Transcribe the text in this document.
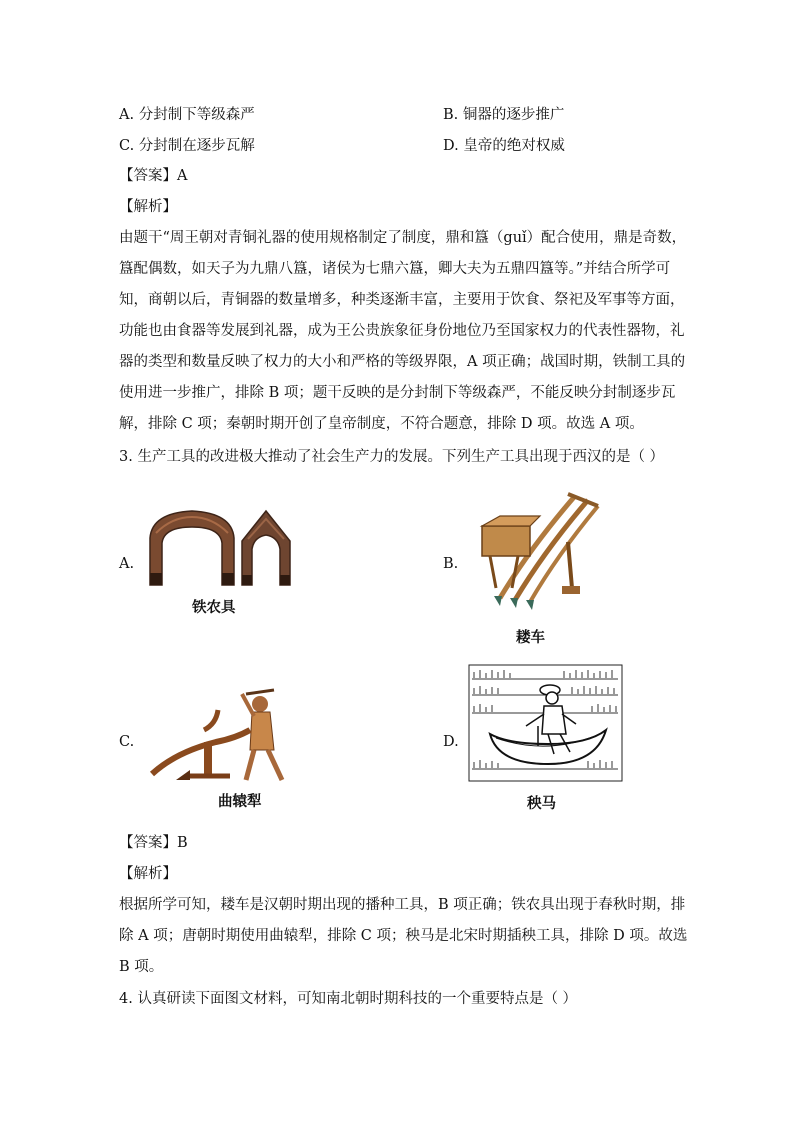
A. 分封制下等级森严	B. 铜器的逐步推广
C. 分封制在逐步瓦解	D. 皇帝的绝对权威
【答案】A
【解析】
由题干“周王朝对青铜礼器的使用规格制定了制度，鼎和簋（guǐ）配合使用，鼎是奇数，
簋配偶数，如天子为九鼎八簋，诸侯为七鼎六簋，卿大夫为五鼎四簋等。”并结合所学可
知，商朝以后，青铜器的数量增多，种类逐渐丰富，主要用于饮食、祭祀及军事等方面，
功能也由食器等发展到礼器，成为王公贵族象征身份地位乃至国家权力的代表性器物，礼
器的类型和数量反映了权力的大小和严格的等级界限，A 项正确；战国时期，铁制工具的
使用进一步推广，排除 B 项；题干反映的是分封制下等级森严，不能反映分封制逐步瓦
解，排除 C 项；秦朝时期开创了皇帝制度，不符合题意，排除 D 项。故选 A 项。
3. 生产工具的改进极大推动了社会生产力的发展。下列生产工具出现于西汉的是（ ）
A.
铁农具
B.
耧车
C.
曲辕犁
D.
秧马
【答案】B
【解析】
根据所学可知，耧车是汉朝时期出现的播种工具，B 项正确；铁农具出现于春秋时期，排
除 A 项；唐朝时期使用曲辕犁，排除 C 项；秧马是北宋时期插秧工具，排除 D 项。故选
B 项。
4. 认真研读下面图文材料，可知南北朝时期科技的一个重要特点是（ ）
